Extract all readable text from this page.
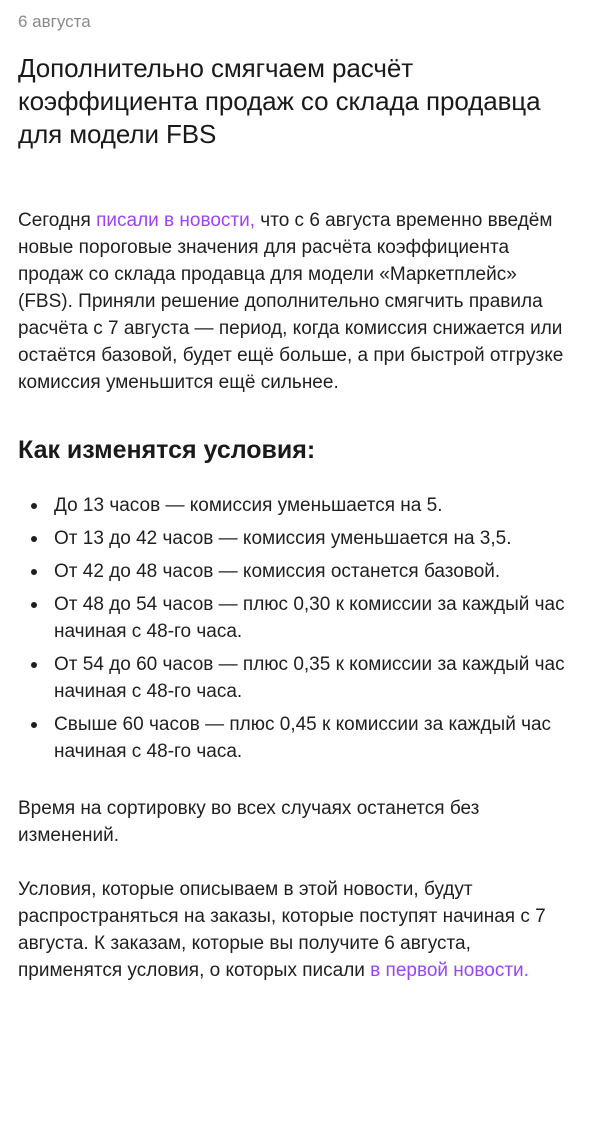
6 августа

Дополнительно смягчаем расчёт коэффициента продаж со склада продавца для модели FBS

Сегодня писали в новости, что с 6 августа временно введём новые пороговые значения для расчёта коэффициента продаж со склада продавца для модели «Маркетплейс» (FBS). Приняли решение дополнительно смягчить правила расчёта с 7 августа — период, когда комиссия снижается или остаётся базовой, будет ещё больше, а при быстрой отгрузке комиссия уменьшится ещё сильнее.

Как изменятся условия:
До 13 часов — комиссия уменьшается на 5.
От 13 до 42 часов — комиссия уменьшается на 3,5.
От 42 до 48 часов — комиссия останется базовой.
От 48 до 54 часов — плюс 0,30 к комиссии за каждый час начиная с 48-го часа.
От 54 до 60 часов — плюс 0,35 к комиссии за каждый час начиная с 48-го часа.
Свыше 60 часов — плюс 0,45 к комиссии за каждый час начиная с 48-го часа.

Время на сортировку во всех случаях останется без изменений.

Условия, которые описываем в этой новости, будут распространяться на заказы, которые поступят начиная с 7 августа. К заказам, которые вы получите 6 августа, применятся условия, о которых писали в первой новости.
